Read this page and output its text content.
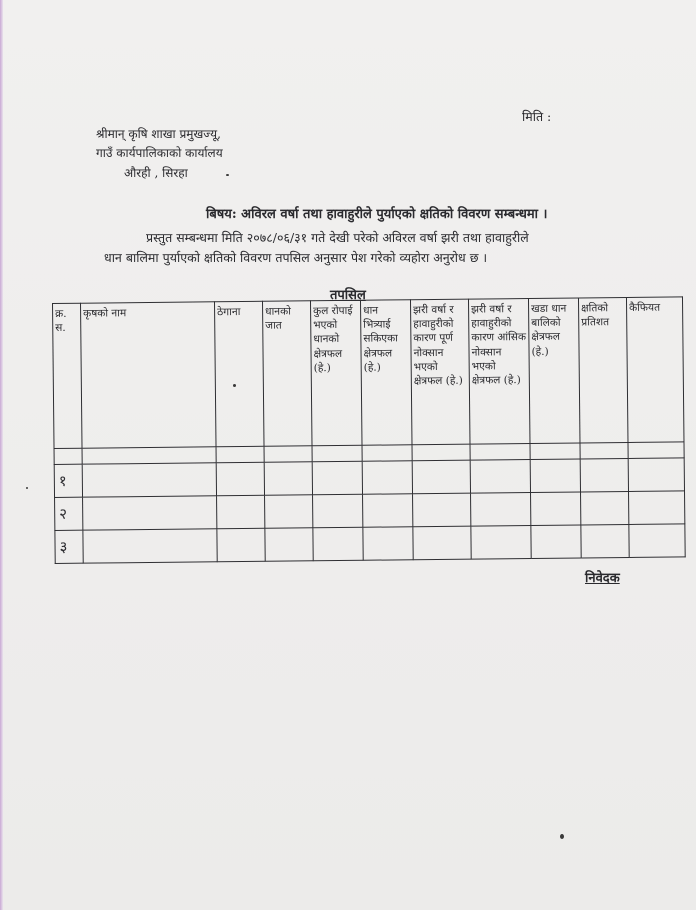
मिति :
श्रीमान् कृषि शाखा प्रमुखज्यू,
गाउँ कार्यपालिकाको कार्यालय
औरही , सिरहा
बिषय: अविरल वर्षा तथा हावाहुरीले पुर्याएको क्षतिको विवरण सम्बन्धमा ।
प्रस्तुत सम्बन्धमा मिति २०७८/०६/३१ गते देखी परेको अविरल वर्षा झरी तथा हावाहुरीले
धान बालिमा पुर्याएको क्षतिको विवरण तपसिल अनुसार पेश गरेको व्यहोरा अनुरोध छ ।
तपसिल
क्र. स.	कृषको नाम	ठेगाना	धानको जात	कुल रोपाई भएको धानको क्षेत्रफल (हे.)	धान भित्र्याई सकिएका क्षेत्रफल (हे.)	झरी वर्षा र हावाहुरीको कारण पूर्ण नोक्सान भएको क्षेत्रफल (हे.)	झरी वर्षा र हावाहुरीको कारण आंसिक नोक्सान भएको क्षेत्रफल (हे.)	खडा धान बालिको क्षेत्रफल (हे.)	क्षतिको प्रतिशत	कैफियत

१										
२										
३										
निवेदक
